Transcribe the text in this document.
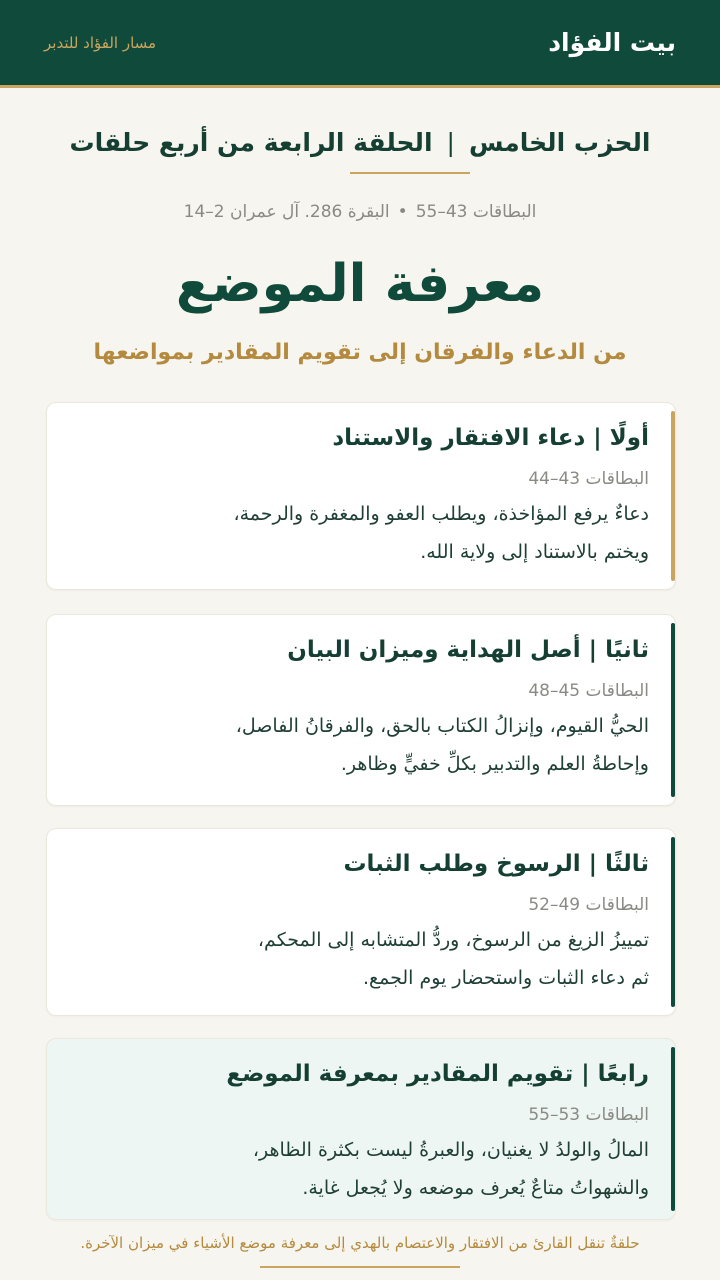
بيت الفؤاد
مسار الفؤاد للتدبر
الحزب الخامس|الحلقة الرابعة من أربع حلقات
البطاقات 43–55•البقرة 286. آل عمران 2–14
معرفة الموضع
من الدعاء والفرقان إلى تقويم المقادير بمواضعها
أولًا | دعاء الافتقار والاستناد
البطاقات 43–44
دعاءٌ يرفع المؤاخذة، ويطلب العفو والمغفرة والرحمة،
ويختم بالاستناد إلى ولاية الله.
ثانيًا | أصل الهداية وميزان البيان
البطاقات 45–48
الحيُّ القيوم، وإنزالُ الكتاب بالحق، والفرقانُ الفاصل،
وإحاطةُ العلم والتدبير بكلِّ خفيٍّ وظاهر.
ثالثًا | الرسوخ وطلب الثبات
البطاقات 49–52
تمييزُ الزيغ من الرسوخ، وردُّ المتشابه إلى المحكم،
ثم دعاء الثبات واستحضار يوم الجمع.
رابعًا | تقويم المقادير بمعرفة الموضع
البطاقات 53–55
المالُ والولدُ لا يغنيان، والعبرةُ ليست بكثرة الظاهر،
والشهواتُ متاعٌ يُعرف موضعه ولا يُجعل غاية.
حلقةٌ تنقل القارئ من الافتقار والاعتصام بالهدي إلى معرفة موضع الأشياء في ميزان الآخرة.
